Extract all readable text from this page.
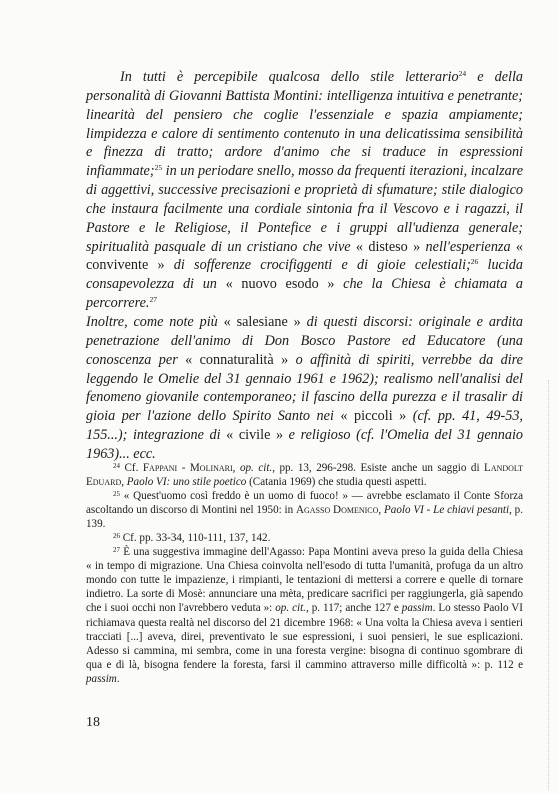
In tutti è percepibile qualcosa dello stile letterario$^{24}$ e della personalità di Giovanni Battista Montini: intelligenza intuitiva e penetrante; linearità del pensiero che coglie l'essenziale e spazia ampiamente; limpidezza e calore di sentimento contenuto in una delicatissima sensibilità e finezza di tratto; ardore d'animo che si traduce in espressioni infiammate;$^{25}$ in un periodare snello, mosso da frequenti iterazioni, incalzare di aggettivi, successive precisazioni e proprietà di sfumature; stile dialogico che instaura facilmente una cordiale sintonia fra il Vescovo e i ragazzi, il Pastore e le Religiose, il Pontefice e i gruppi all'udienza generale; spiritualità pasquale di un cristiano che vive « disteso » nell'esperienza « convivente » di sofferenze crocifiggenti e di gioie celestiali;$^{26}$ lucida consapevolezza di un « nuovo esodo » che la Chiesa è chiamata a percorrere.$^{27}$

Inoltre, come note più « salesiane » di questi discorsi: originale e ardita penetrazione dell'animo di Don Bosco Pastore ed Educatore (una conoscenza per « connaturalità » o affinità di spiriti, verrebbe da dire leggendo le Omelie del 31 gennaio 1961 e 1962); realismo nell'analisi del fenomeno giovanile contemporaneo; il fascino della purezza e il trasalir di gioia per l'azione dello Spirito Santo nei « piccoli » (cf. pp. 41, 49-53, 155...); integrazione di « civile » e religioso (cf. l'Omelia del 31 gennaio 1963)... ecc.

$^{24}$ Cf. Fappani - Molinari, op. cit., pp. 13, 296-298. Esiste anche un saggio di Landolt Eduard, Paolo VI: uno stile poetico (Catania 1969) che studia questi aspetti.

$^{25}$ « Quest'uomo così freddo è un uomo di fuoco! » — avrebbe esclamato il Conte Sforza ascoltando un discorso di Montini nel 1950: in Agasso Domenico, Paolo VI - Le chiavi pesanti, p. 139.

$^{26}$ Cf. pp. 33-34, 110-111, 137, 142.

$^{27}$ È una suggestiva immagine dell'Agasso: Papa Montini aveva preso la guida della Chiesa « in tempo di migrazione. Una Chiesa coinvolta nell'esodo di tutta l'umanità, profuga da un altro mondo con tutte le impazienze, i rimpianti, le tentazioni di mettersi a correre e quelle di tornare indietro. La sorte di Mosè: annunciare una mèta, predicare sacrifici per raggiungerla, già sapendo che i suoi occhi non l'avrebbero veduta »: op. cit., p. 117; anche 127 e passim. Lo stesso Paolo VI richiamava questa realtà nel discorso del 21 dicembre 1968: « Una volta la Chiesa aveva i sentieri tracciati [...] aveva, direi, preventivato le sue espressioni, i suoi pensieri, le sue esplicazioni. Adesso si cammina, mi sembra, come in una foresta vergine: bisogna di continuo sgombrare di qua e di là, bisogna fendere la foresta, farsi il cammino attraverso mille difficoltà »: p. 112 e passim.

18
